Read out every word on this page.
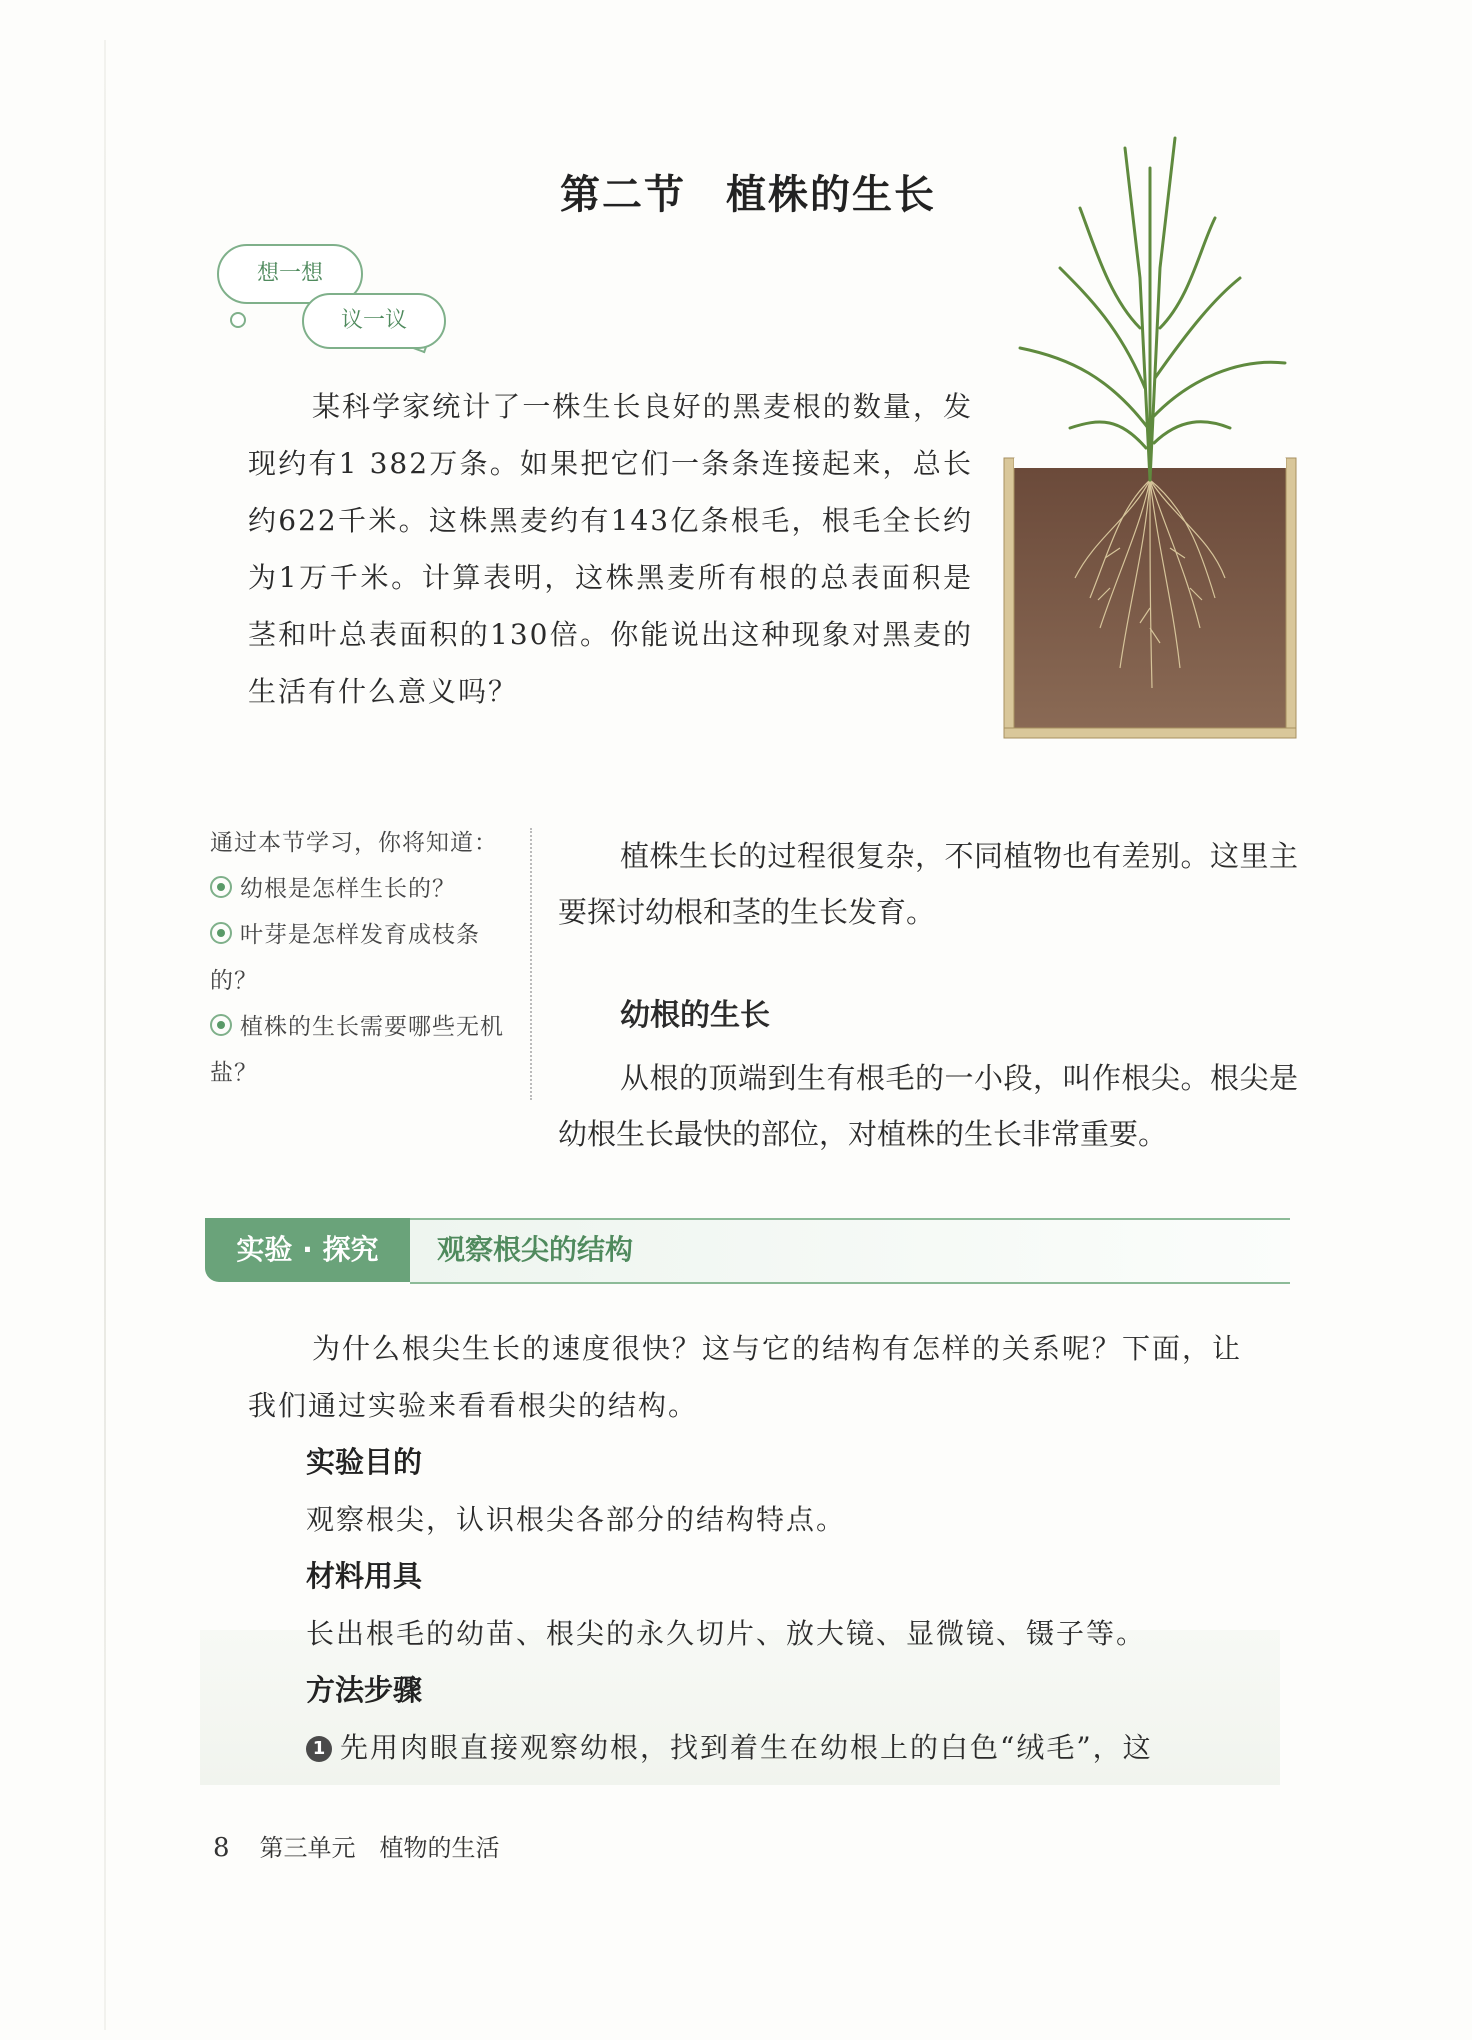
第二节 植株的生长
想一想
议一议

某科学家统计了一株生长良好的黑麦根的数量，发现约有1 382万条。如果把它们一条条连接起来，总长约622千米。这株黑麦约有143亿条根毛，根毛全长约为1万千米。计算表明，这株黑麦所有根的总表面积是茎和叶总表面积的130倍。你能说出这种现象对黑麦的生活有什么意义吗？

通过本节学习，你将知道：
幼根是怎样生长的？
叶芽是怎样发育成枝条的？
植株的生长需要哪些无机盐？

植株生长的过程很复杂，不同植物也有差别。这里主要探讨幼根和茎的生长发育。

幼根的生长

从根的顶端到生有根毛的一小段，叫作根尖。根尖是幼根生长最快的部位，对植株的生长非常重要。

实验 · 探究	观察根尖的结构

为什么根尖生长的速度很快？这与它的结构有怎样的关系呢？下面，让我们通过实验来看看根尖的结构。

实验目的

观察根尖，认识根尖各部分的结构特点。

材料用具

长出根毛的幼苗、根尖的永久切片、放大镜、显微镜、镊子等。

方法步骤

1 先用肉眼直接观察幼根，找到着生在幼根上的白色“绒毛”，这

8 第三单元　植物的生活
